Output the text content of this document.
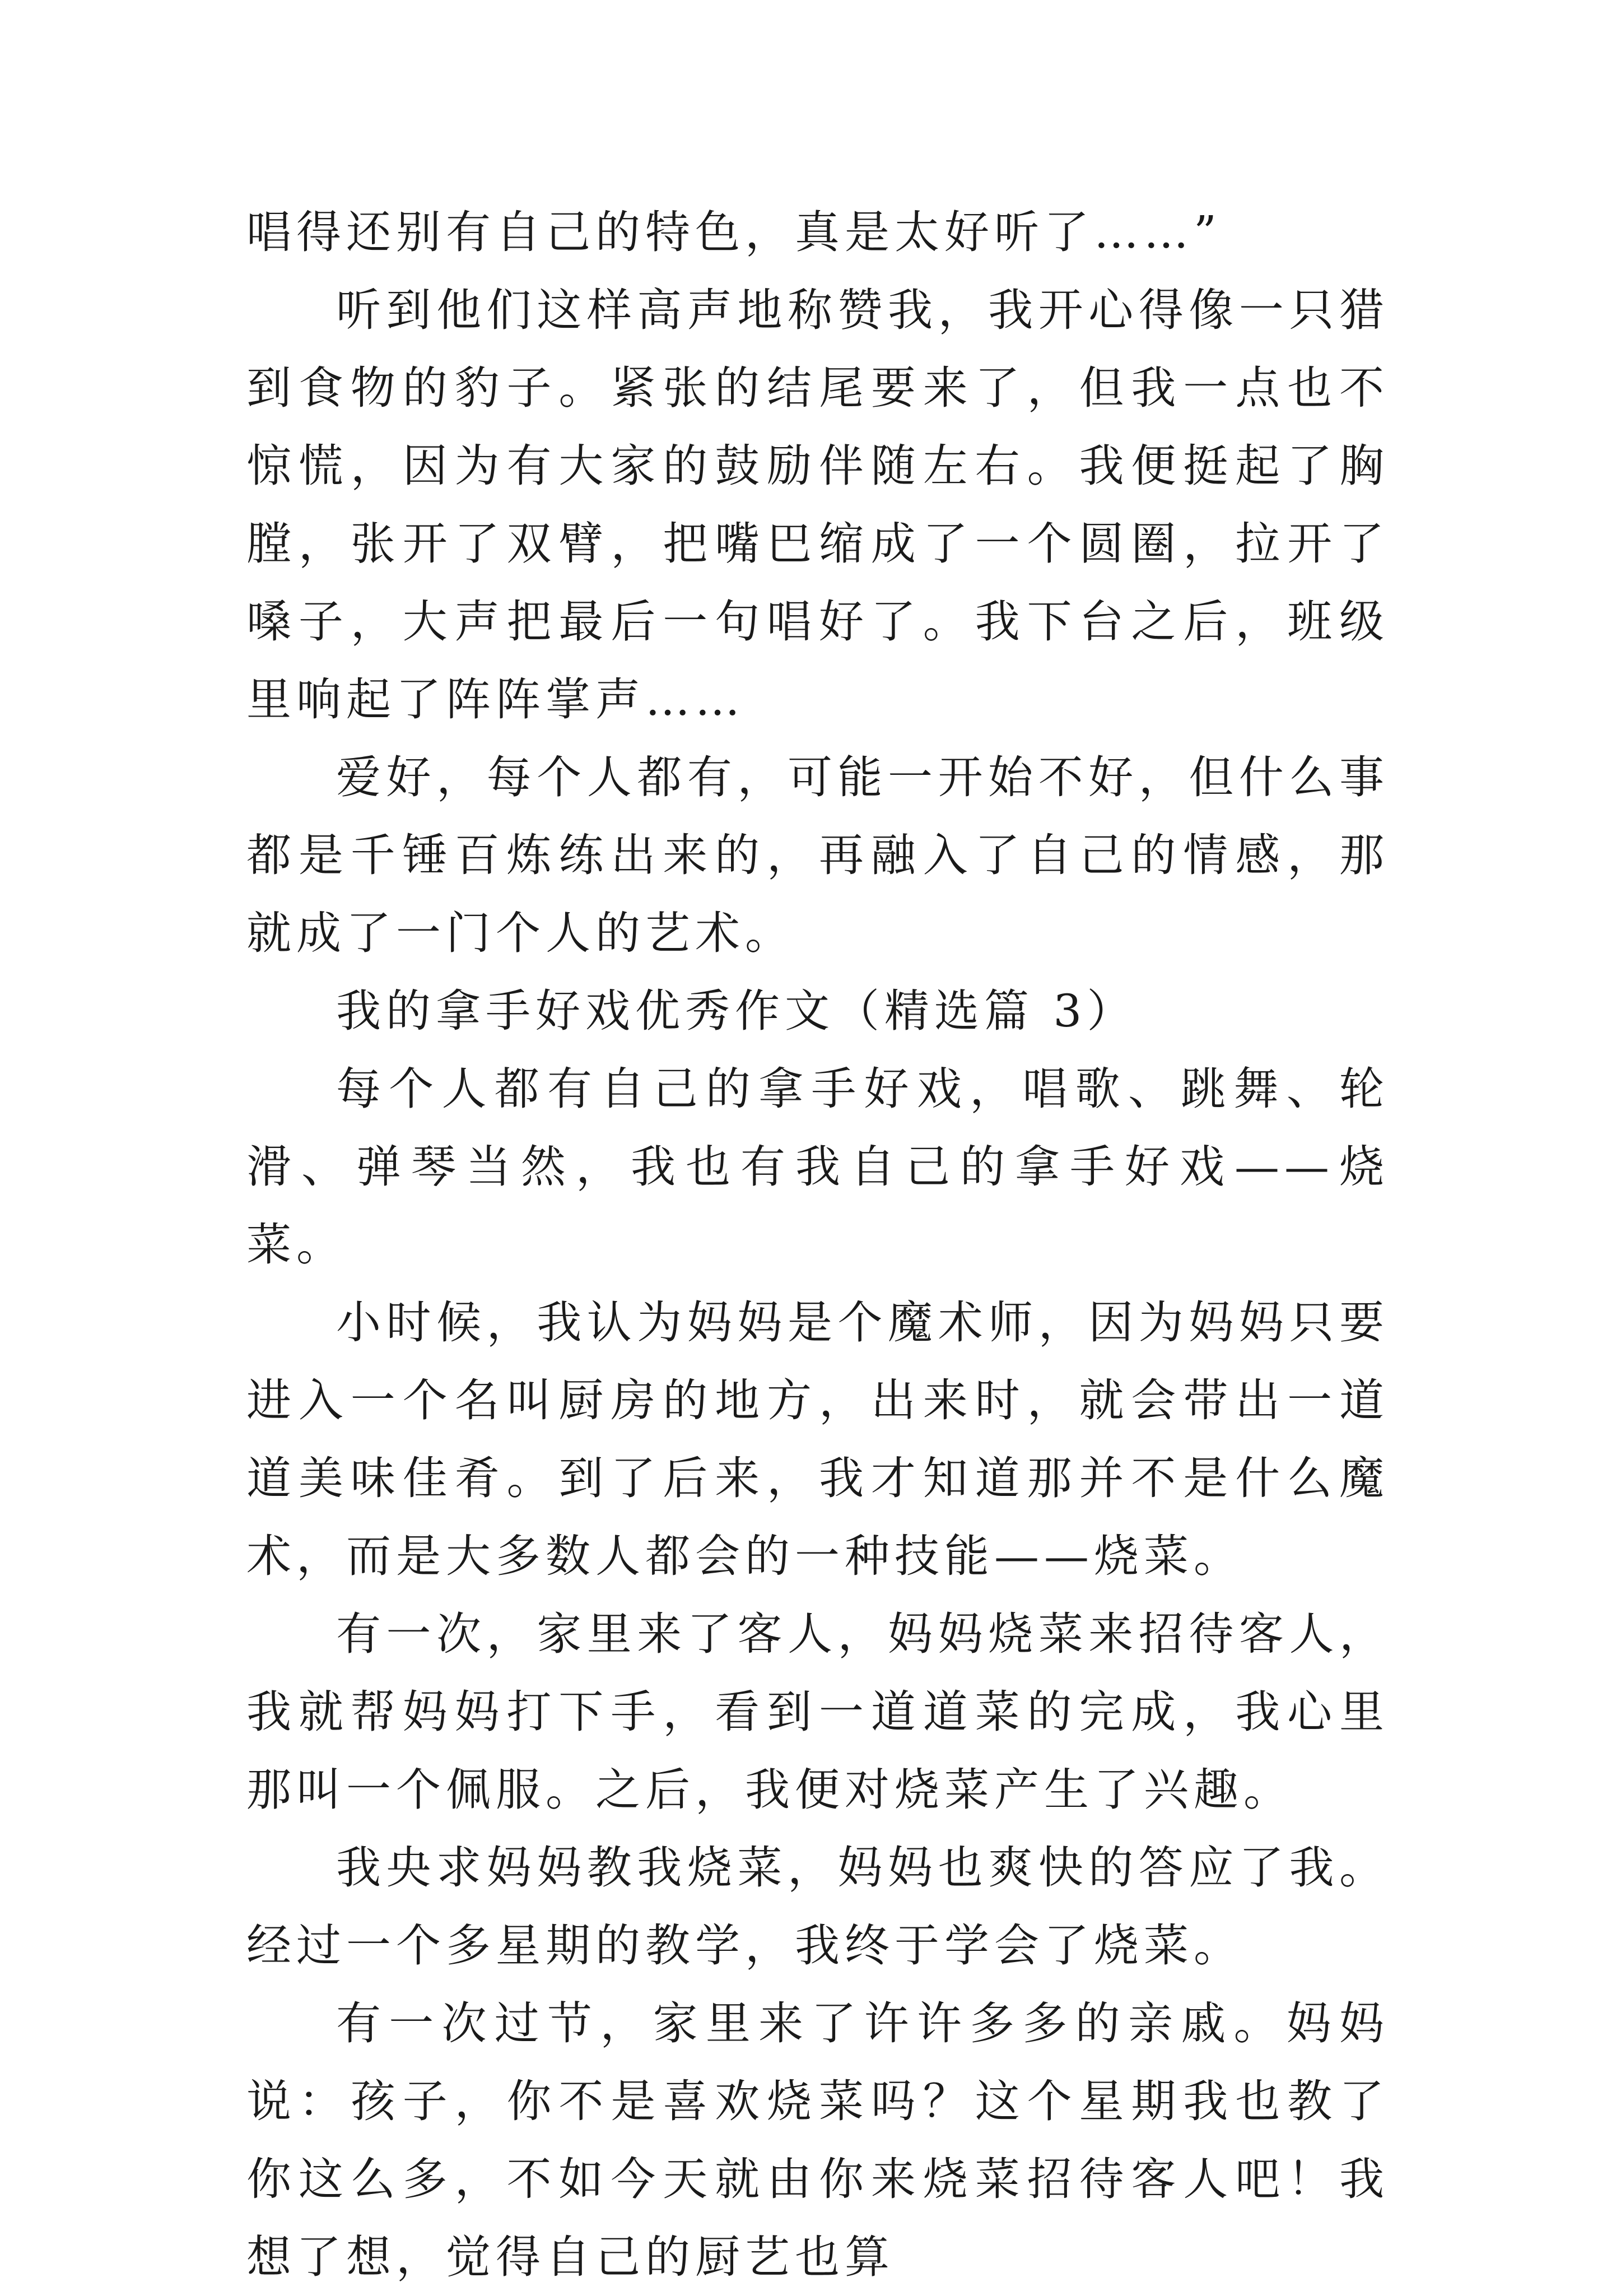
唱得还别有自己的特色，真是太好听了……”

听到他们这样高声地称赞我，我开心得像一只猎到食物的豹子。紧张的结尾要来了，但我一点也不惊慌，因为有大家的鼓励伴随左右。我便挺起了胸膛，张开了双臂，把嘴巴缩成了一个圆圈，拉开了嗓子，大声把最后一句唱好了。我下台之后，班级里响起了阵阵掌声……

爱好，每个人都有，可能一开始不好，但什么事都是千锤百炼练出来的，再融入了自己的情感，那就成了一门个人的艺术。

我的拿手好戏优秀作文（精选篇 3）

每个人都有自己的拿手好戏，唱歌、跳舞、轮滑、弹琴当然，我也有我自己的拿手好戏——烧菜。

小时候，我认为妈妈是个魔术师，因为妈妈只要进入一个名叫厨房的地方，出来时，就会带出一道道美味佳肴。到了后来，我才知道那并不是什么魔术，而是大多数人都会的一种技能——烧菜。

有一次，家里来了客人，妈妈烧菜来招待客人，我就帮妈妈打下手，看到一道道菜的完成，我心里那叫一个佩服。之后，我便对烧菜产生了兴趣。

我央求妈妈教我烧菜，妈妈也爽快的答应了我。经过一个多星期的教学，我终于学会了烧菜。

有一次过节，家里来了许许多多的亲戚。妈妈说：孩子，你不是喜欢烧菜吗？这个星期我也教了你这么多，不如今天就由你来烧菜招待客人吧！我想了想，觉得自己的厨艺也算
